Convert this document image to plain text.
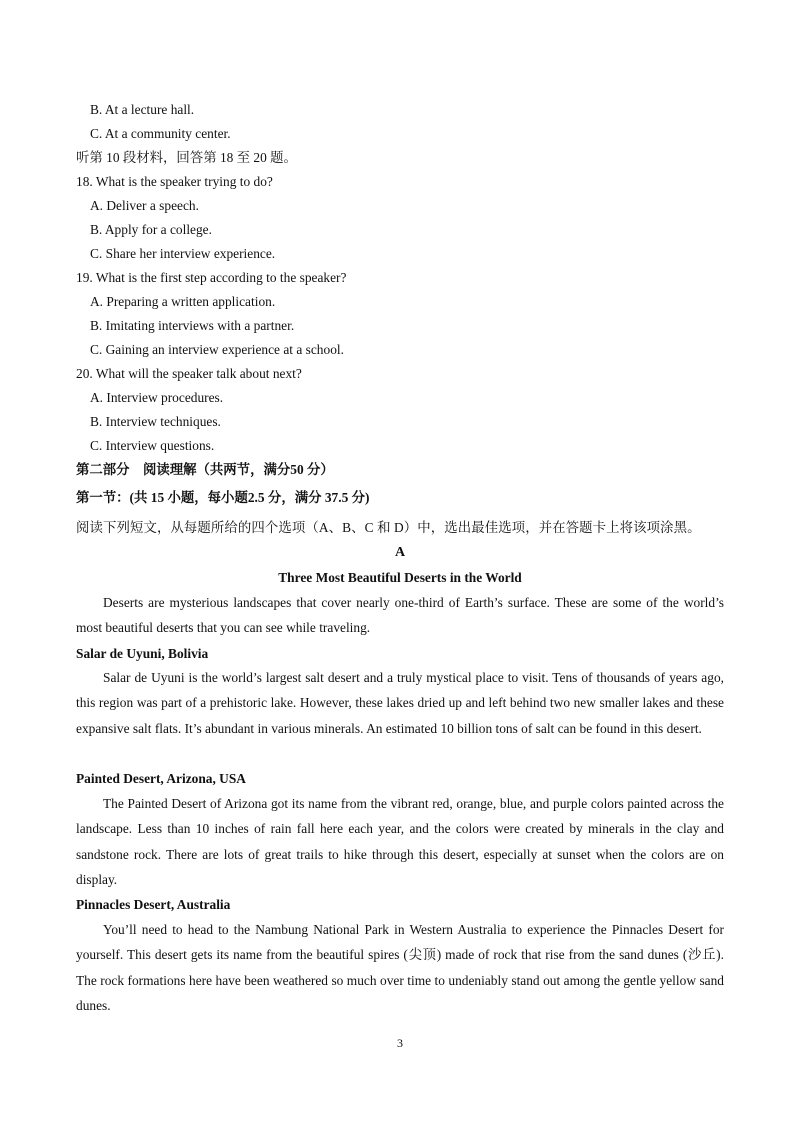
B. At a lecture hall.
C. At a community center.
听第 10 段材料，回答第 18 至 20 题。
18. What is the speaker trying to do?
A. Deliver a speech.
B. Apply for a college.
C. Share her interview experience.
19. What is the first step according to the speaker?
A. Preparing a written application.
B. Imitating interviews with a partner.
C. Gaining an interview experience at a school.
20. What will the speaker talk about next?
A. Interview procedures.
B. Interview techniques.
C. Interview questions.
第二部分　阅读理解（共两节，满分50 分）
第一节：(共 15 小题，每小题2.5 分，满分 37.5 分)
阅读下列短文，从每题所给的四个选项（A、B、C 和 D）中，选出最佳选项，并在答题卡上将该项涂黑。
A
Three Most Beautiful Deserts in the World
Deserts are mysterious landscapes that cover nearly one-third of Earth’s surface. These are some of the world’s most beautiful deserts that you can see while traveling.
Salar de Uyuni, Bolivia
Salar de Uyuni is the world’s largest salt desert and a truly mystical place to visit. Tens of thousands of years ago, this region was part of a prehistoric lake. However, these lakes dried up and left behind two new smaller lakes and these expansive salt flats. It’s abundant in various minerals. An estimated 10 billion tons of salt can be found in this desert.
Painted Desert, Arizona, USA
The Painted Desert of Arizona got its name from the vibrant red, orange, blue, and purple colors painted across the landscape. Less than 10 inches of rain fall here each year, and the colors were created by minerals in the clay and sandstone rock. There are lots of great trails to hike through this desert, especially at sunset when the colors are on display.
Pinnacles Desert, Australia
You’ll need to head to the Nambung National Park in Western Australia to experience the Pinnacles Desert for yourself. This desert gets its name from the beautiful spires (尖顶) made of rock that rise from the sand dunes (沙丘). The rock formations here have been weathered so much over time to undeniably stand out among the gentle yellow sand dunes.
3
